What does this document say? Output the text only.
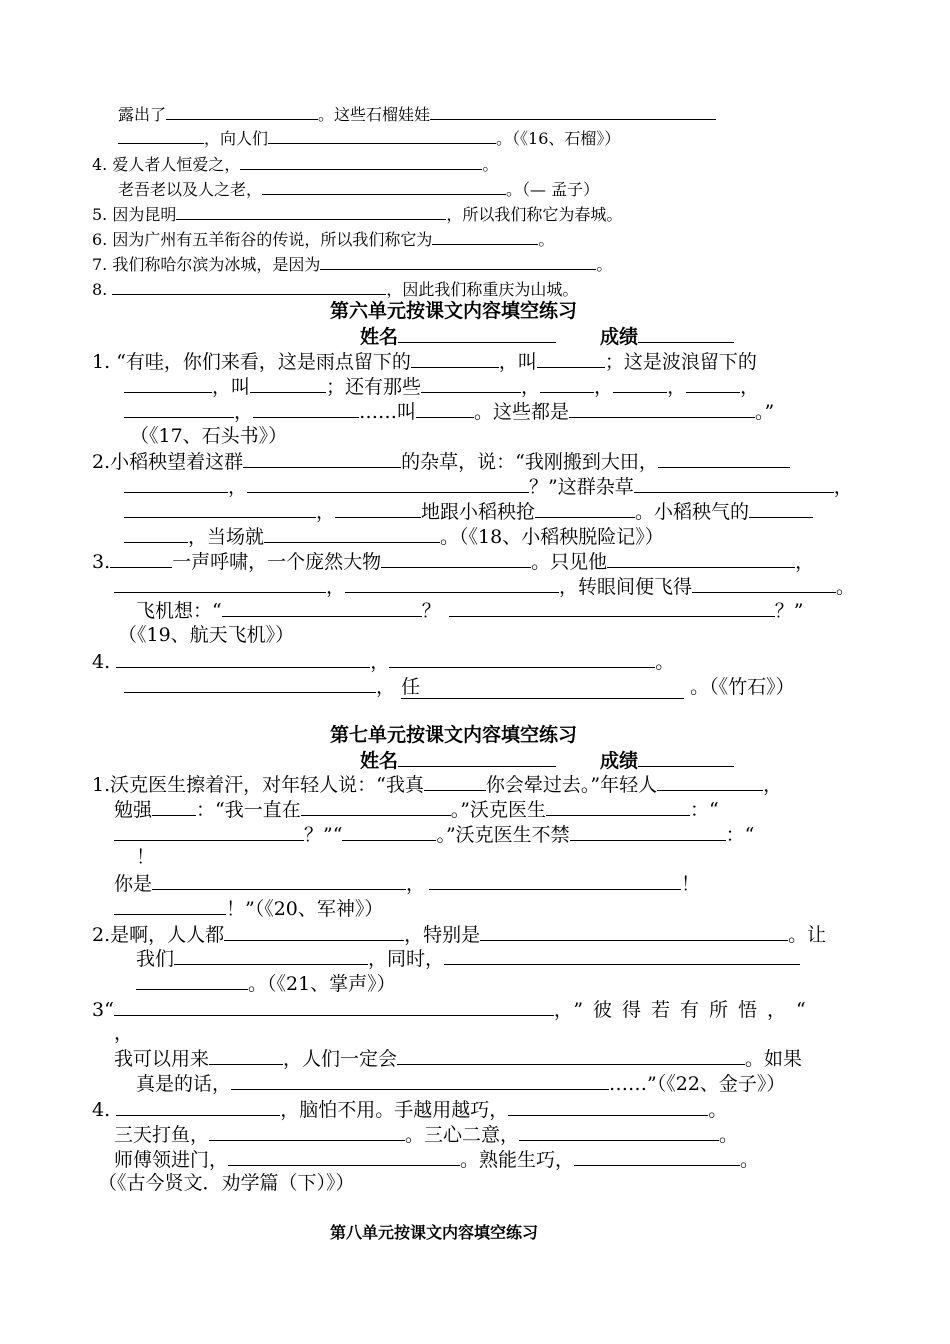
露出了	。这些石榴娃娃
，向人们	。（《16、石榴》）
4. 爱人者人恒爱之，	。
老吾老以及人之老，	。（— 孟子）
5. 因为昆明	，所以我们称它为春城。
6. 因为广州有五羊衔谷的传说，所以我们称它为	。
7. 我们称哈尔滨为冰城，是因为	。
8.	，因此我们称重庆为山城。
第六单元按课文内容填空练习
姓名	成绩
1. “有哇，你们来看，这是雨点留下的	，叫	；这是波浪留下的
，叫	；还有那些	，	，	，	，
，	……叫	。这些都是	。”
（《17、石头书》）
2.小稻秧望着这群	的杂草，说：“我刚搬到大田，
，	？”这群杂草	，
，	地跟小稻秧抢	。小稻秧气的
，当场就	。（《18、小稻秧脱险记》）
3.	一声呼啸，一个庞然大物	。只见他	，
，	，转眼间便飞得	。
飞机想：“	？	？”
（《19、航天飞机》）
4.	，	。
， 任	。（《竹石》）
第七单元按课文内容填空练习
姓名	成绩
1.沃克医生擦着汗，对年轻人说：“我真	你会晕过去。”年轻人	，
勉强 ：“我一直在	。”沃克医生	：“
？”“	。”沃克医生不禁	：“
！
你是	，	！
！”（《20、军神》）
2.是啊，人人都	，特别是	。让
我们	，同时，
。（《21、掌声》）
3“	，”彼得若有所悟，“
，
我可以用来	，人们一定会	。如果
真是的话，	……”（《22、金子》）
4.	，脑怕不用。手越用越巧，	。
三天打鱼，	。三心二意，	。
师傅领进门，	。熟能生巧，	。
（《古今贤文．劝学篇（下）》）
第八单元按课文内容填空练习
